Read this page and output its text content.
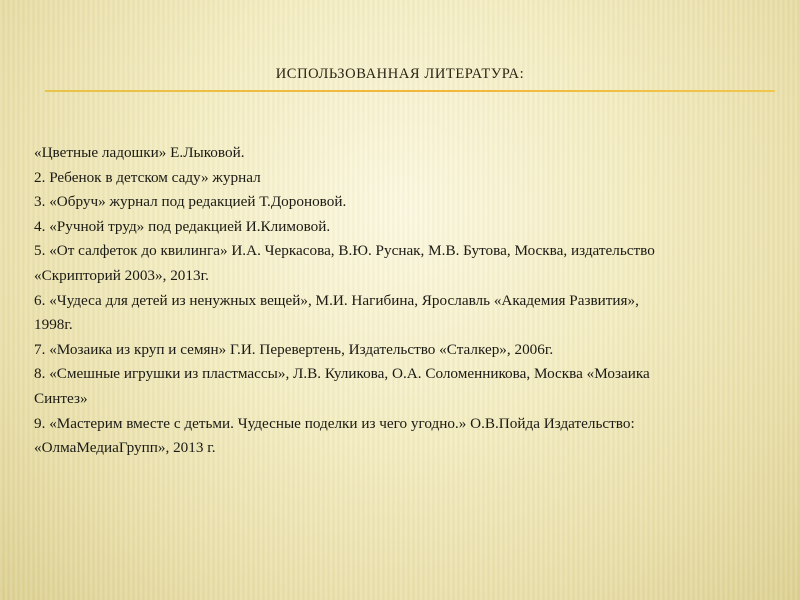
ИСПОЛЬЗОВАННАЯ ЛИТЕРАТУРА:
«Цветные ладошки» Е.Лыковой.
2. Ребенок в детском саду» журнал
3. «Обруч» журнал под редакцией Т.Дороновой.
4. «Ручной труд» под редакцией И.Климовой.
5. «От салфеток до квилинга» И.А. Черкасова, В.Ю. Руснак, М.В. Бутова, Москва, издательство
«Скрипторий 2003», 2013г.
6. «Чудеса для детей из ненужных вещей», М.И. Нагибина, Ярославль «Академия Развития»,
1998г.
7. «Мозаика из круп и семян» Г.И. Перевертень, Издательство «Сталкер», 2006г.
8. «Смешные игрушки из пластмассы», Л.В. Куликова, О.А. Соломенникова, Москва «Мозаика
Синтез»
9. «Мастерим вместе с детьми. Чудесные поделки из чего угодно.» О.В.Пойда Издательство:
«ОлмаМедиаГрупп», 2013 г.
